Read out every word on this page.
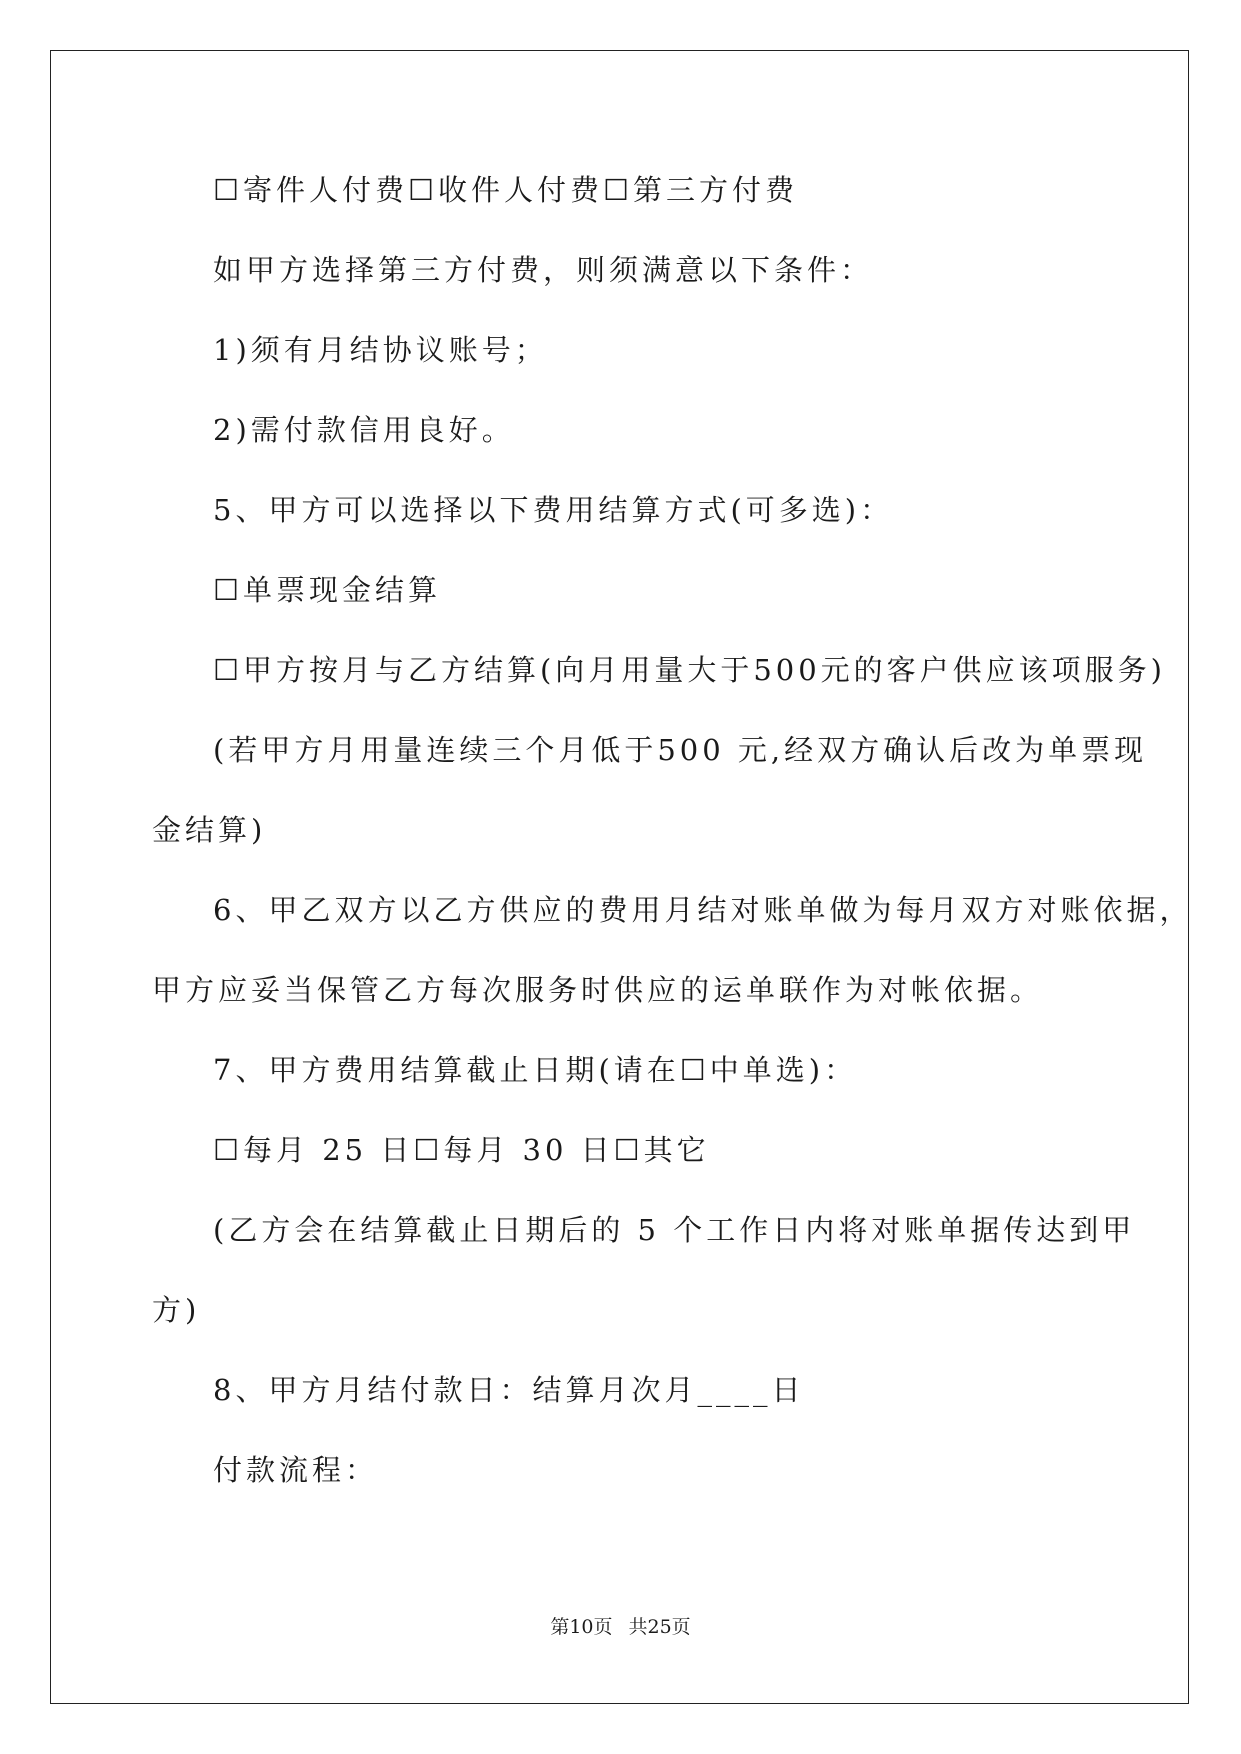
☐寄件人付费☐收件人付费☐第三方付费
如甲方选择第三方付费，则须满意以下条件：
1)须有月结协议账号；
2)需付款信用良好。
5、甲方可以选择以下费用结算方式(可多选)：
☐单票现金结算
☐甲方按月与乙方结算(向月用量大于500元的客户供应该项服务)
(若甲方月用量连续三个月低于500 元,经双方确认后改为单票现
金结算)
6、甲乙双方以乙方供应的费用月结对账单做为每月双方对账依据，
甲方应妥当保管乙方每次服务时供应的运单联作为对帐依据。
7、甲方费用结算截止日期(请在☐中单选)：
☐每月 25 日☐每月 30 日☐其它
(乙方会在结算截止日期后的 5 个工作日内将对账单据传达到甲
方)
8、甲方月结付款日：结算月次月____日
付款流程：
第10页 共25页
